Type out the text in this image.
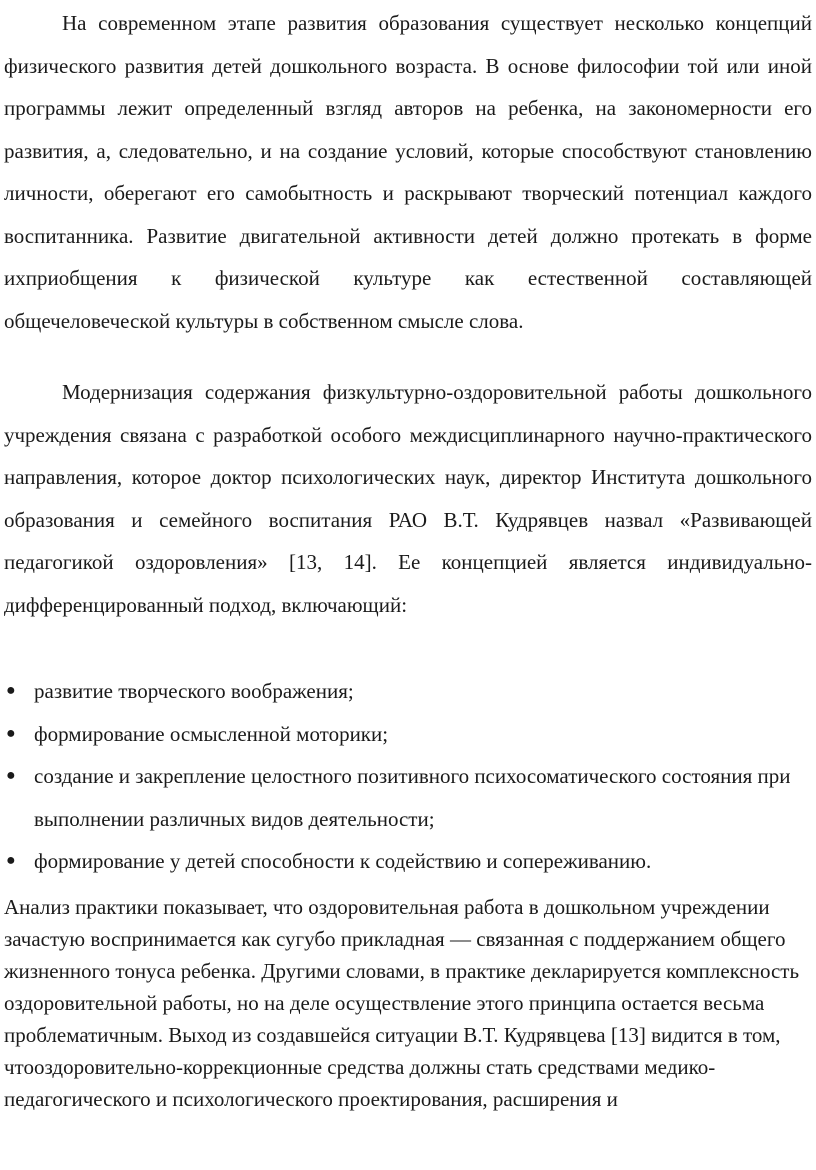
На современном этапе развития образования существует несколько концепций физического развития детей дошкольного возраста. В основе философии той или иной программы лежит определенный взгляд авторов на ребенка, на закономерности его развития, а, следовательно, и на создание условий, которые способствуют становлению личности, оберегают его самобытность и раскрывают творческий потенциал каждого воспитанника. Развитие двигательной активности детей должно протекать в форме ихприобщения к физической культуре как естественной составляющей общечеловеческой культуры в собственном смысле слова.

Модернизация содержания физкультурно-оздоровительной работы дошкольного учреждения связана с разработкой особого междисциплинарного научно-практического направления, которое доктор психологических наук, директор Института дошкольного образования и семейного воспитания РАО В.Т. Кудрявцев назвал «Развивающей педагогикой оздоровления» [13, 14]. Ее концепцией является индивидуально-дифференцированный подход, включающий:

● развитие творческого воображения;
● формирование осмысленной моторики;
● создание и закрепление целостного позитивного психосоматического состояния при выполнении различных видов деятельности;
● формирование у детей способности к содействию и сопереживанию.

Анализ практики показывает, что оздоровительная работа в дошкольном учреждении зачастую воспринимается как сугубо прикладная — связанная с поддержанием общего жизненного тонуса ребенка. Другими словами, в практике декларируется комплексность оздоровительной работы, но на деле осуществление этого принципа остается весьма проблематичным. Выход из создавшейся ситуации В.Т. Кудрявцева [13] видится в том, чтооздоровительно-коррекционные средства должны стать средствами медико-педагогического и психологического проектирования, расширения и
